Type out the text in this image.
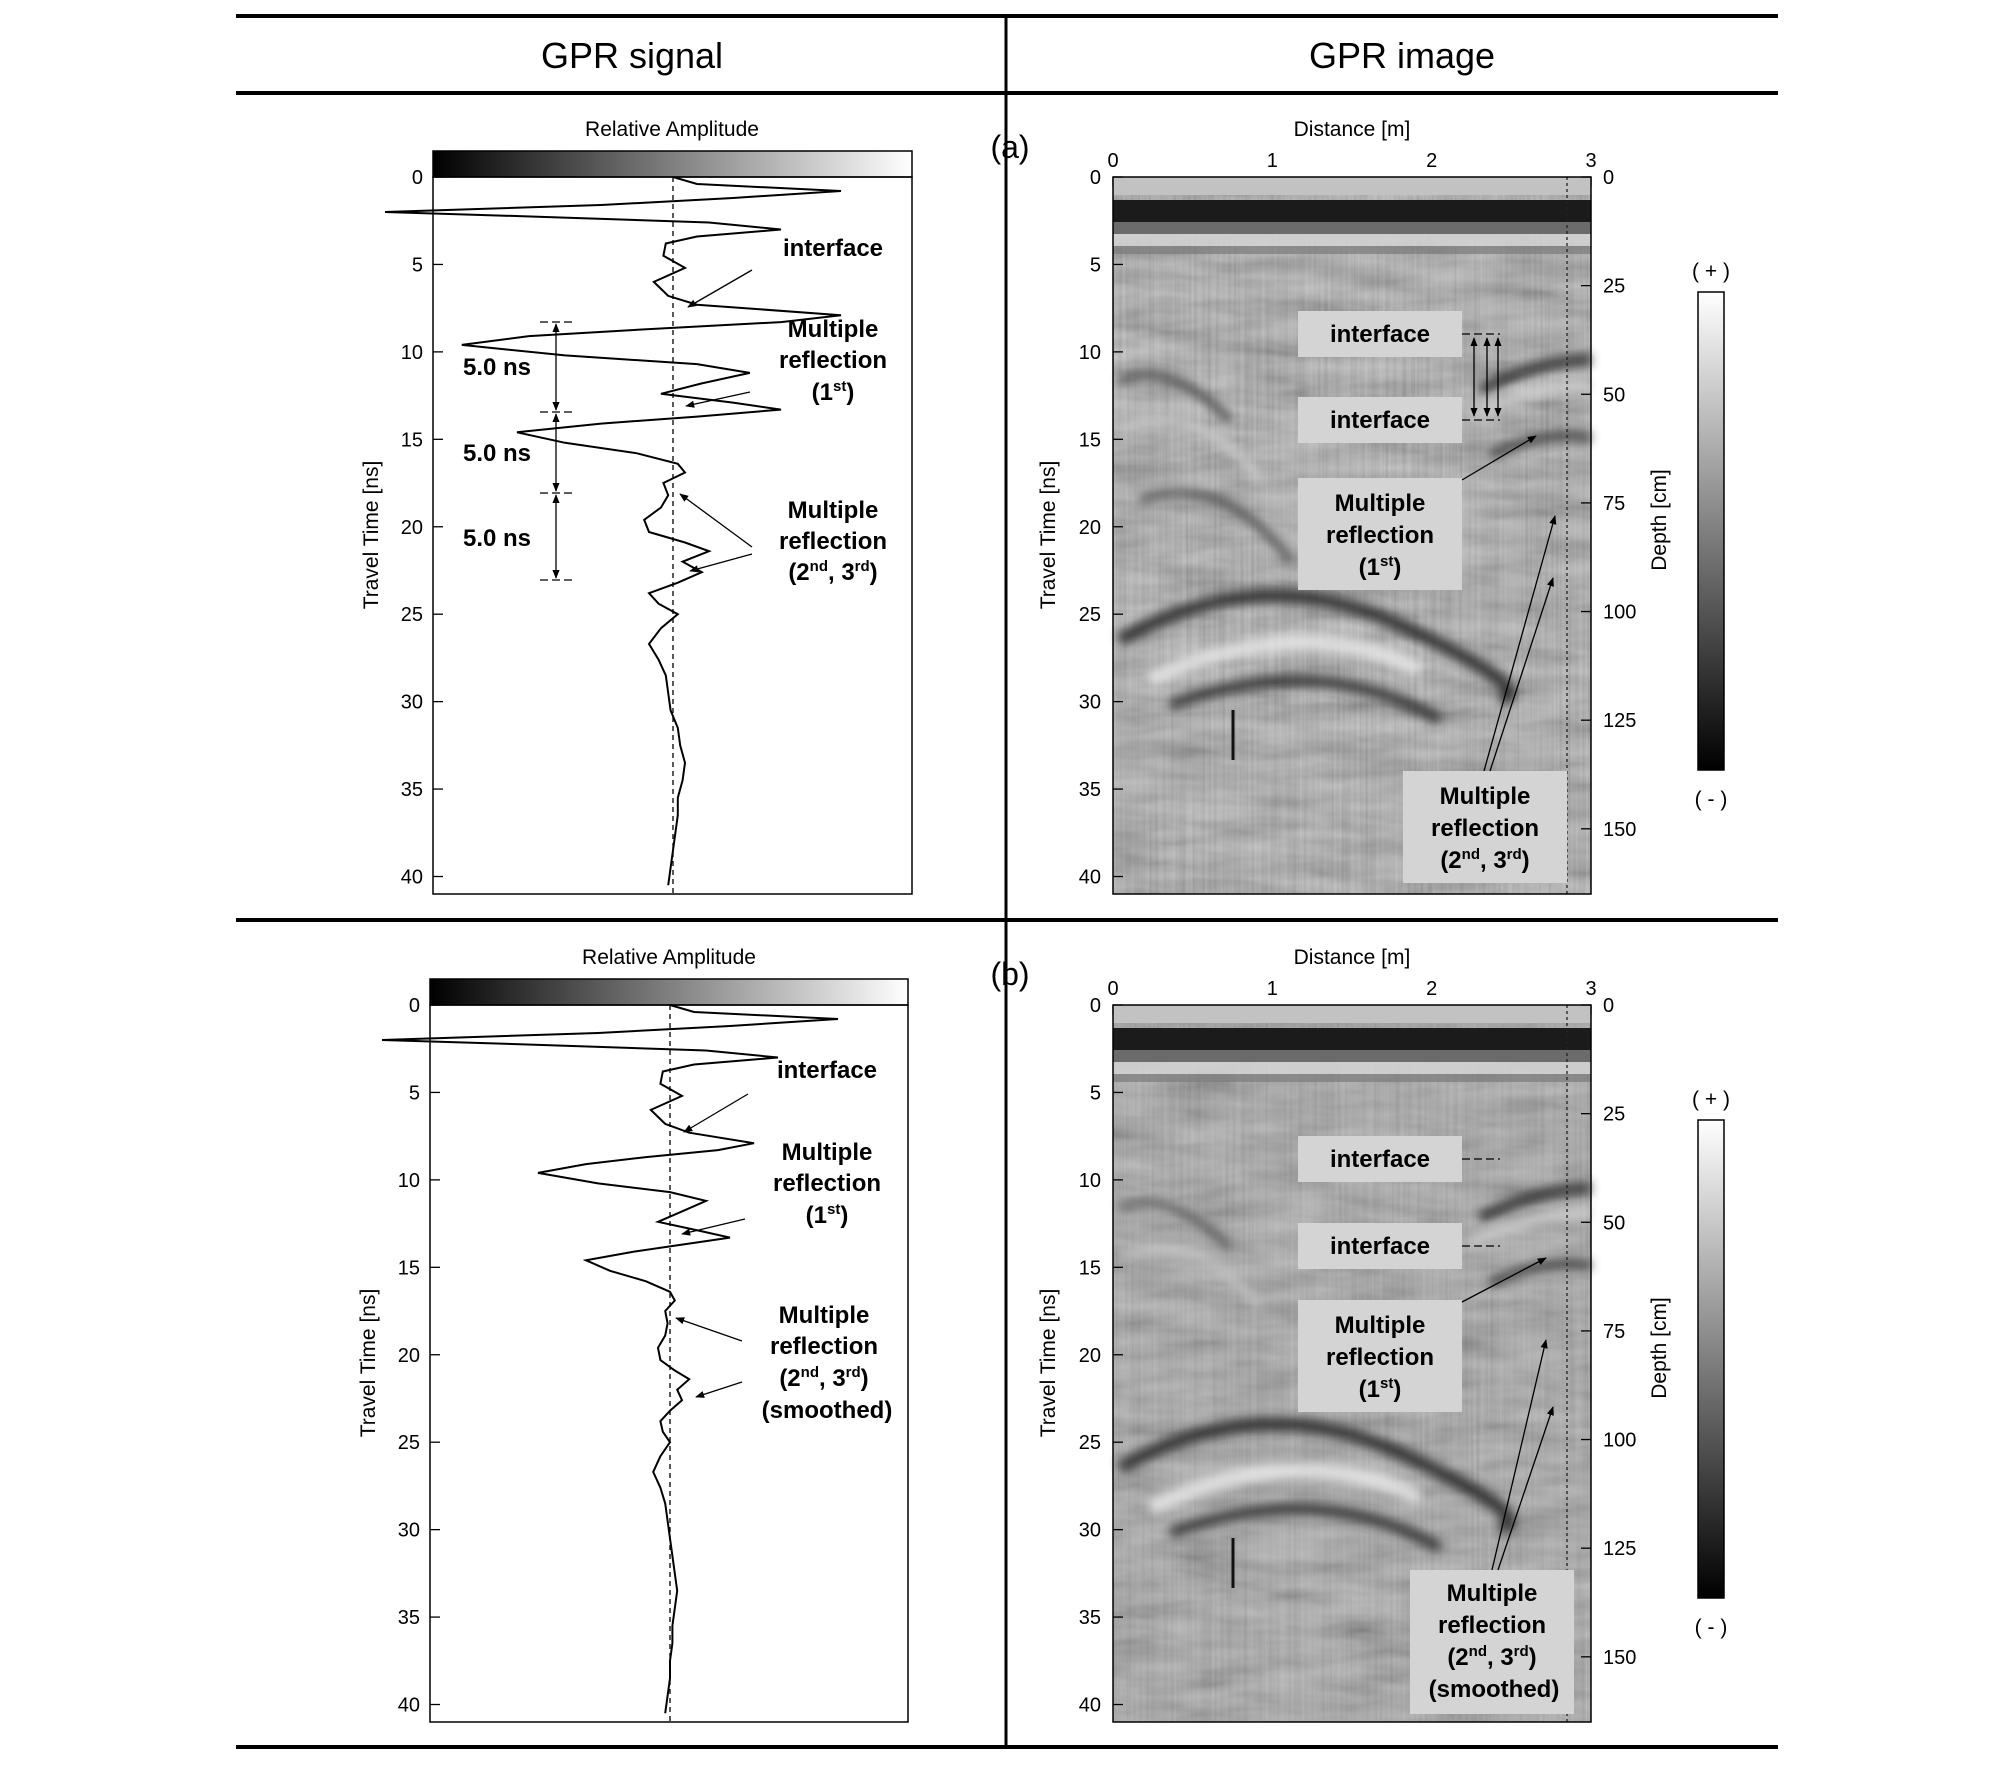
GPR signal	GPR image
Relative Amplitude
0
5
10
15
20
25
30
35
40
Travel Time [ns]
5.0 ns
5.0 ns
5.0 ns
interface
Multiple
reflection
(1st)
Multiple
reflection
(2nd, 3rd)
(a)	Distance [m]
0	1	2	3
0
5
10
15
20
25
30
35
40
0
25
50
75
100
125
150
Travel Time [ns]	Depth [cm]
( + )
( - )
interface
interface
Multiple
reflection
(1st)
Multiple
reflection
(2nd, 3rd)
Relative Amplitude
0
5
10
15
20
25
30
35
40
Travel Time [ns]
interface
Multiple
reflection
(1st)
Multiple
reflection
(2nd, 3rd)
(smoothed)
(b)	Distance [m]
0	1	2	3
0
5
10
15
20
25
30
35
40
0
25
50
75
100
125
150
Travel Time [ns]	Depth [cm]
( + )
( - )
interface
interface
Multiple
reflection
(1st)
Multiple
reflection
(2nd, 3rd)
(smoothed)
